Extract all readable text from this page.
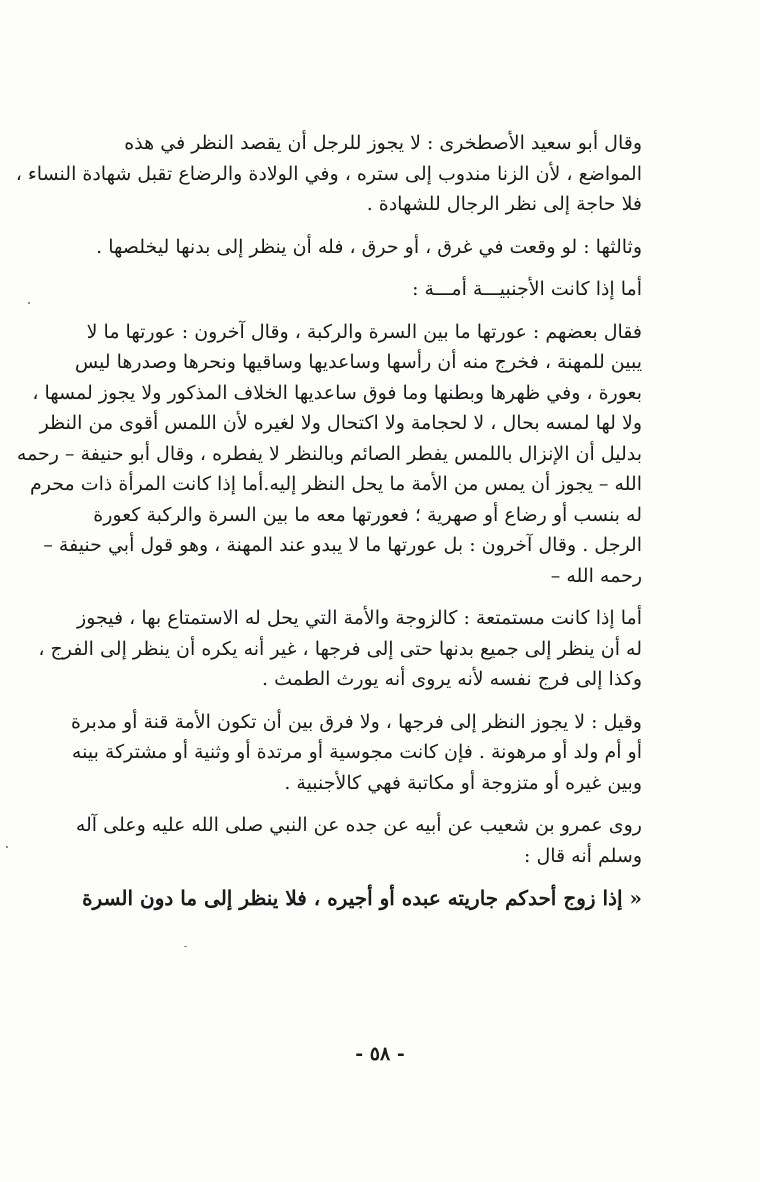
وقال أبو سعيد الأصطخرى : لا يجوز للرجل أن يقصد النظر في هذه
المواضع ، لأن الزنا مندوب إلى ستره ، وفي الولادة والرضاع تقبل شهادة النساء ،
فلا حاجة إلى نظر الرجال للشهادة .

وثالثها : لو وقعت في غرق ، أو حرق ، فله أن ينظر إلى بدنها ليخلصها .

أما إذا كانت الأجنبيـــة أمـــة :

فقال بعضهم : عورتها ما بين السرة والركبة ، وقال آخرون : عورتها ما لا
يبين للمهنة ، فخرج منه أن رأسها وساعديها وساقيها ونحرها وصدرها ليس
بعورة ، وفي ظهرها وبطنها وما فوق ساعديها الخلاف المذكور ولا يجوز لمسها ،
ولا لها لمسه بحال ، لا لحجامة ولا اكتحال ولا لغيره لأن اللمس أقوى من النظر
بدليل أن الإنزال باللمس يفطر الصائم وبالنظر لا يفطره ، وقال أبو حنيفة – رحمه
الله – يجوز أن يمس من الأمة ما يحل النظر إليه.أما إذا كانت المرأة ذات محرم
له بنسب أو رضاع أو صهرية ؛ فعورتها معه ما بين السرة والركبة كعورة
الرجل . وقال آخرون : بل عورتها ما لا يبدو عند المهنة ، وهو قول أبي حنيفة –
رحمه الله –

أما إذا كانت مستمتعة : كالزوجة والأمة التي يحل له الاستمتاع بها ، فيجوز
له أن ينظر إلى جميع بدنها حتى إلى فرجها ، غير أنه يكره أن ينظر إلى الفرج ،
وكذا إلى فرج نفسه لأنه يروى أنه يورث الطمث .

وقيل : لا يجوز النظر إلى فرجها ، ولا فرق بين أن تكون الأمة قنة أو مدبرة
أو أم ولد أو مرهونة . فإن كانت مجوسية أو مرتدة أو وثنية أو مشتركة بينه
وبين غيره أو متزوجة أو مكاتبة فهي كالأجنبية .

روى عمرو بن شعيب عن أبيه عن جده عن النبي صلى الله عليه وعلى آله
وسلم أنه قال :

« إذا زوج أحدكم جاريته عبده أو أجيره ، فلا ينظر إلى ما دون السرة

- ٥٨ -
